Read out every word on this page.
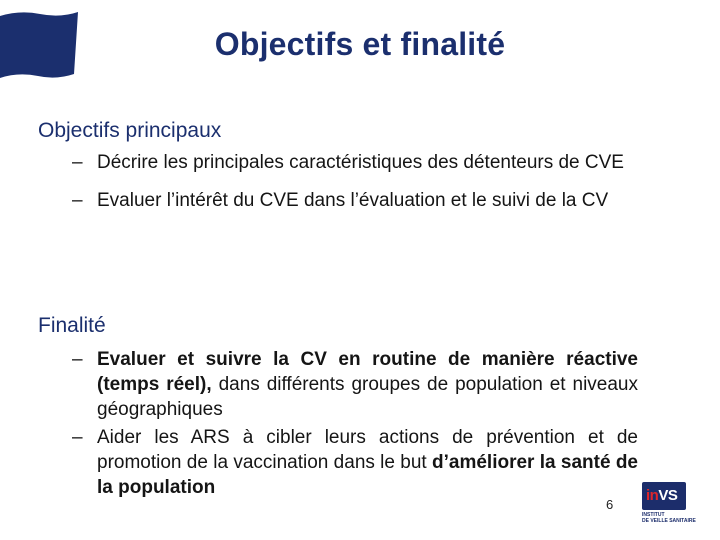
Objectifs et finalité
Objectifs principaux
– Décrire les principales caractéristiques des détenteurs de CVE
– Evaluer l’intérêt du CVE dans l’évaluation et le suivi de la CV
Finalité
– Evaluer et suivre la CV en routine de manière réactive (temps réel), dans différents groupes de population et niveaux géographiques
– Aider les ARS à cibler leurs actions de prévention et de promotion de la vaccination dans le but d’améliorer la santé de la population
6
inVS
INSTITUT
DE VEILLE SANITAIRE
